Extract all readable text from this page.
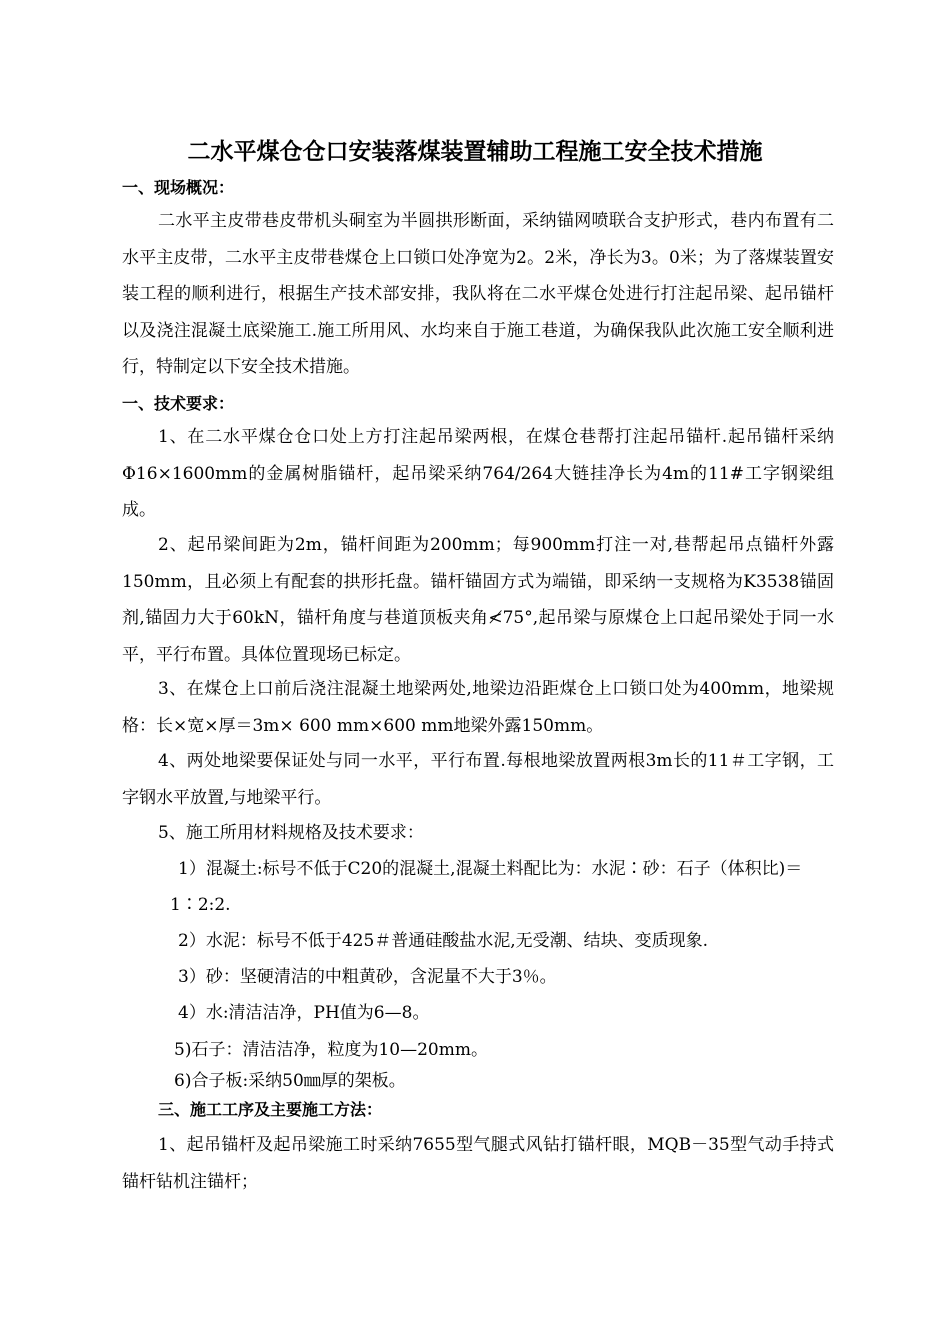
二水平煤仓仓口安装落煤装置辅助工程施工安全技术措施
一、现场概况：
二水平主皮带巷皮带机头硐室为半圆拱形断面，采纳锚网喷联合支护形式，巷内布置有二水平主皮带，二水平主皮带巷煤仓上口锁口处净宽为2。2米，净长为3。0米；为了落煤装置安装工程的顺利进行，根据生产技术部安排，我队将在二水平煤仓处进行打注起吊梁、起吊锚杆以及浇注混凝土底梁施工.施工所用风、水均来自于施工巷道，为确保我队此次施工安全顺利进行，特制定以下安全技术措施。
一、技术要求：
1、在二水平煤仓仓口处上方打注起吊梁两根，在煤仓巷帮打注起吊锚杆.起吊锚杆采纳Φ16×1600mm的金属树脂锚杆，起吊梁采纳764/264大链挂净长为4m的11#工字钢梁组成。
2、起吊梁间距为2m，锚杆间距为200mm；每900mm打注一对,巷帮起吊点锚杆外露150mm，且必须上有配套的拱形托盘。锚杆锚固方式为端锚，即采纳一支规格为K3538锚固剂,锚固力大于60kN，锚杆角度与巷道顶板夹角≮75°,起吊梁与原煤仓上口起吊梁处于同一水平，平行布置。具体位置现场已标定。
3、在煤仓上口前后浇注混凝土地梁两处,地梁边沿距煤仓上口锁口处为400mm，地梁规格：长×宽×厚＝3m× 600 mm×600 mm地梁外露150mm。
4、两处地梁要保证处与同一水平，平行布置.每根地梁放置两根3m长的11＃工字钢，工字钢水平放置,与地梁平行。
5、施工所用材料规格及技术要求：
1）混凝土:标号不低于C20的混凝土,混凝土料配比为：水泥∶砂：石子（体积比)＝1∶2:2.
2）水泥：标号不低于425＃普通硅酸盐水泥,无受潮、结块、变质现象.
3）砂：坚硬清洁的中粗黄砂，含泥量不大于3％。
4）水:清洁洁净，PH值为6—8。
5)石子：清洁洁净，粒度为10—20mm。
6)合子板:采纳50㎜厚的架板。
三、施工工序及主要施工方法：
1、起吊锚杆及起吊梁施工时采纳7655型气腿式风钻打锚杆眼，MQB－35型气动手持式锚杆钻机注锚杆；
